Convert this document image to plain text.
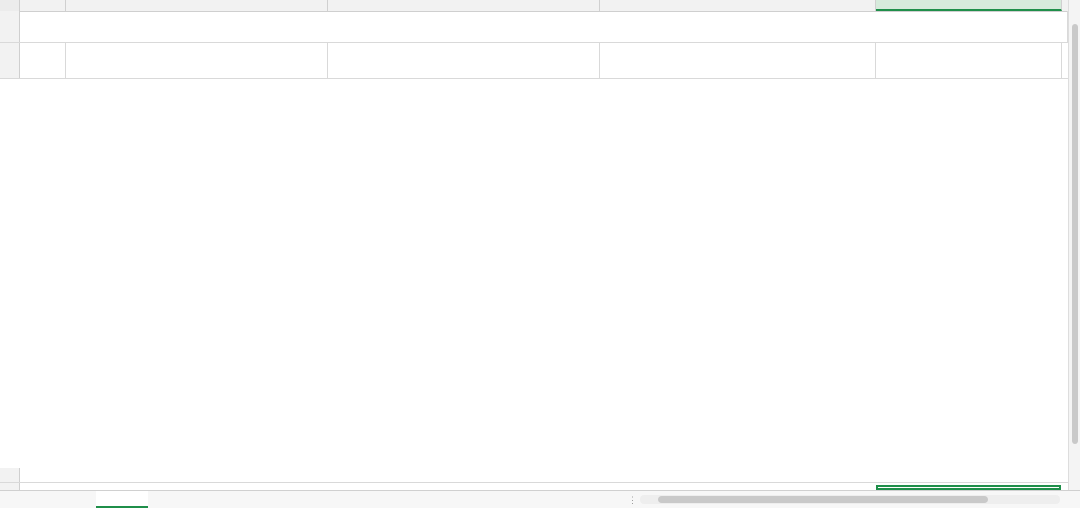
⋮
